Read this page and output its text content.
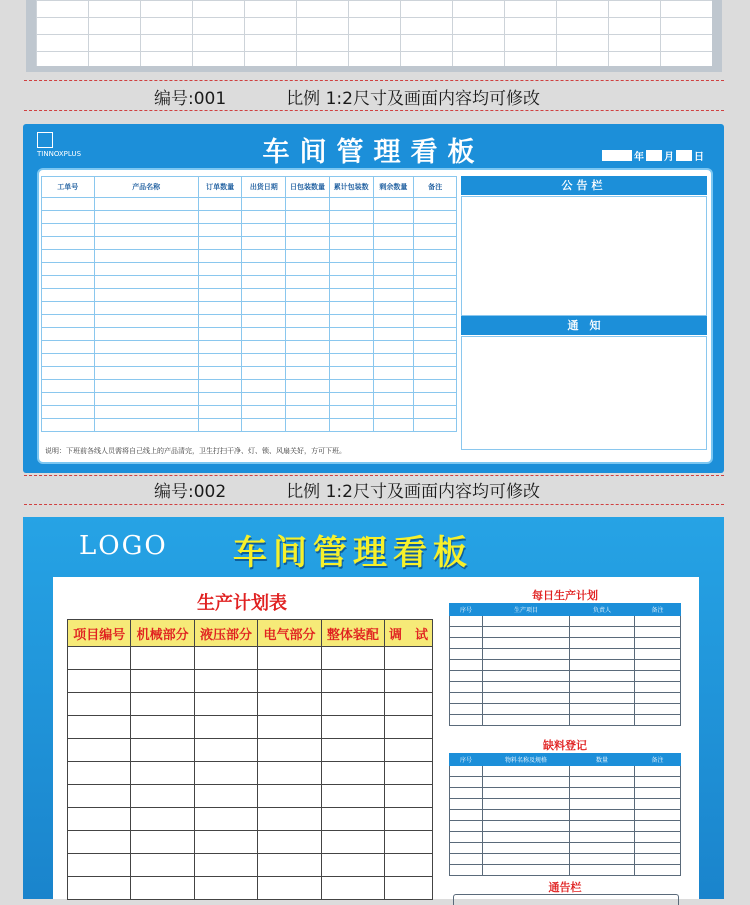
编号:001	比例 1:2尺寸及画面内容均可修改
TINNOXPLUS	车间管理看板	年 月 日
工单号	产品名称	订单数量	出货日期	日包装数量	累计包装数	剩余数量	备注

								公告栏
通　知
说明：下班前各线人员需将自己线上的产品清完，卫生打扫干净、灯、锁、风扇关好，方可下班。
编号:002	比例 1:2尺寸及画面内容均可修改
LOGO 车间管理看板
生产计划表
项目编号	机械部分	液压部分	电气部分	整体装配	调　试

每日生产计划
序号	生产项目	负责人	备注

缺料登记
序号	物料名称及规格	数量	备注

通告栏
